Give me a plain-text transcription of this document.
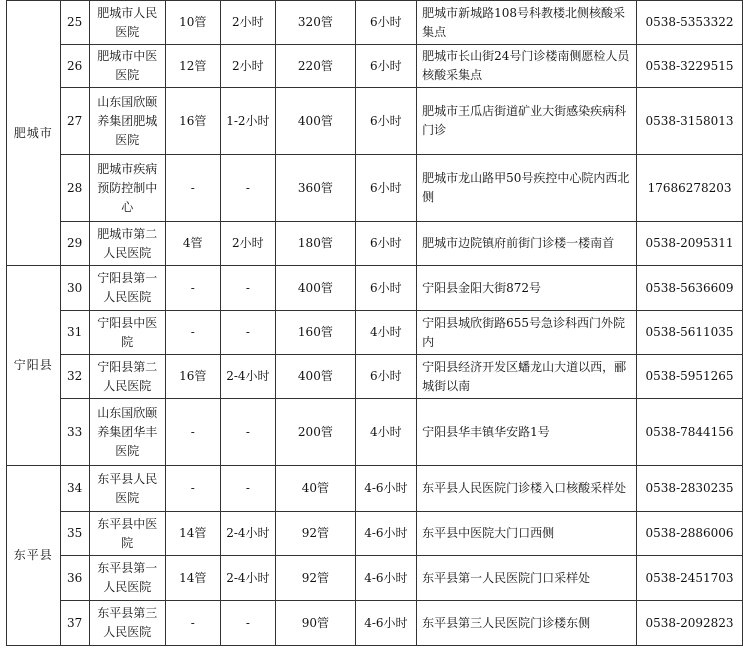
肥城市	25	肥城市人民医院	10管	2小时	320管	6小时	肥城市新城路108号科教楼北侧核酸采集点	0538-5353322
	26	肥城市中医医院	12管	2小时	220管	6小时	肥城市长山街24号门诊楼南侧愿检人员核酸采集点	0538-3229515
	27	山东国欣颐养集团肥城医院	16管	1-2小时	400管	6小时	肥城市王瓜店街道矿业大街感染疾病科门诊	0538-3158013
	28	肥城市疾病预防控制中心	-	-	360管	6小时	肥城市龙山路甲50号疾控中心院内西北侧	17686278203
	29	肥城市第二人民医院	4管	2小时	180管	6小时	肥城市边院镇府前街门诊楼一楼南首	0538-2095311
宁阳县	30	宁阳县第一人民医院	-	-	400管	6小时	宁阳县金阳大街872号	0538-5636609
	31	宁阳县中医院	-	-	160管	4小时	宁阳县城欣街路655号急诊科西门外院内	0538-5611035
	32	宁阳县第二人民医院	16管	2-4小时	400管	6小时	宁阳县经济开发区蟠龙山大道以西，郦城街以南	0538-5951265
	33	山东国欣颐养集团华丰医院	-	-	200管	4小时	宁阳县华丰镇华安路1号	0538-7844156
东平县	34	东平县人民医院	-	-	40管	4-6小时	东平县人民医院门诊楼入口核酸采样处	0538-2830235
	35	东平县中医院	14管	2-4小时	92管	4-6小时	东平县中医院大门口西侧	0538-2886006
	36	东平县第一人民医院	14管	2-4小时	92管	4-6小时	东平县第一人民医院门口采样处	0538-2451703
	37	东平县第三人民医院	-	-	90管	4-6小时	东平县第三人民医院门诊楼东侧	0538-2092823
